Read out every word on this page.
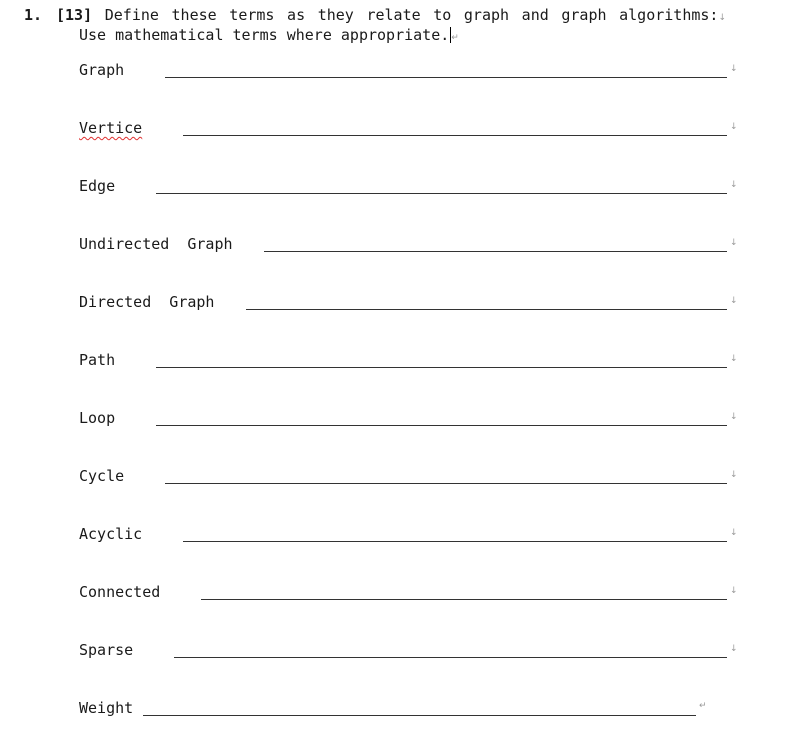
1. [13] Define these terms as they relate to graph and graph algorithms:↓
Use mathematical terms where appropriate. ↵
Graph	↓
Vertice	↓
Edge	↓
Undirected  Graph	↓
Directed  Graph	↓
Path	↓
Loop	↓
Cycle	↓
Acyclic	↓
Connected	↓
Sparse	↓
Weight	↵
